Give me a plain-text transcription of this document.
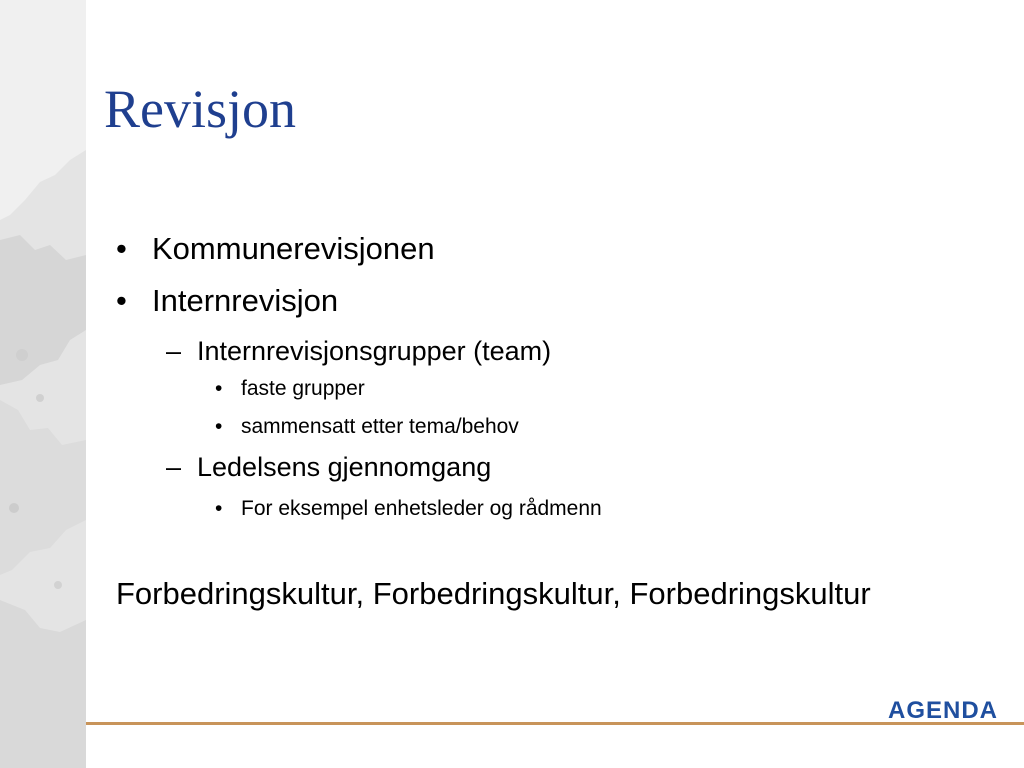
Revisjon
• Kommunerevisjonen
• Internrevisjon
– Internrevisjonsgrupper (team)
• faste grupper
• sammensatt etter tema/behov
– Ledelsens gjennomgang
• For eksempel enhetsleder og rådmenn

Forbedringskultur, Forbedringskultur, Forbedringskultur

AGENDA
